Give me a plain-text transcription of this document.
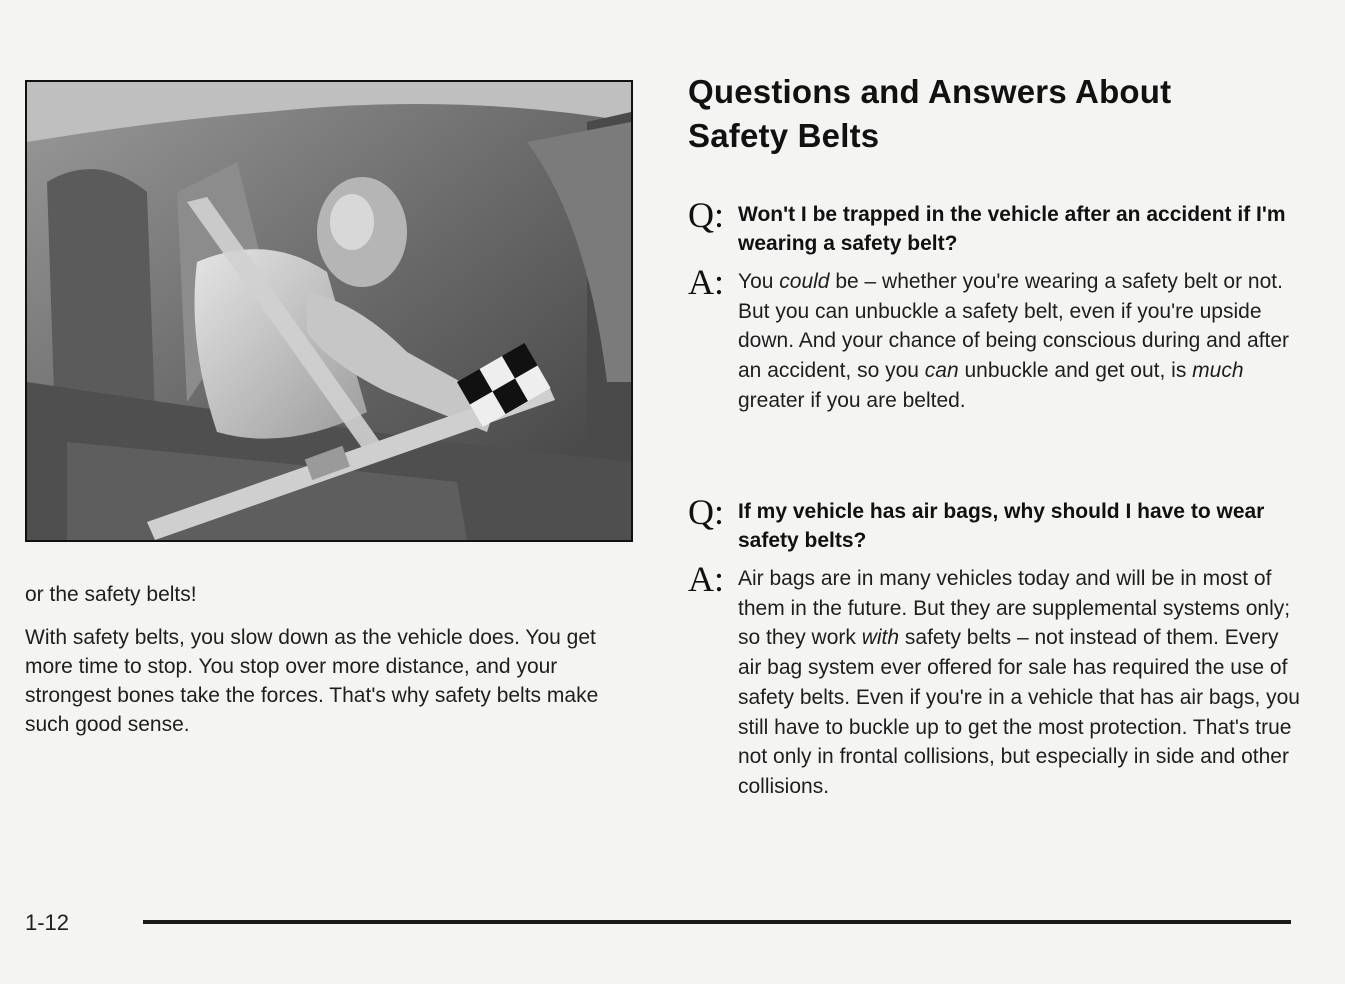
or the safety belts!

With safety belts, you slow down as the vehicle does. You get more time to stop. You stop over more distance, and your strongest bones take the forces. That's why safety belts make such good sense.

Questions and Answers About
Safety Belts
Q: Won't I be trapped in the vehicle after an accident if I'm wearing a safety belt?
A: You could be – whether you're wearing a safety belt or not. But you can unbuckle a safety belt, even if you're upside down. And your chance of being conscious during and after an accident, so you can unbuckle and get out, is much greater if you are belted.
Q: If my vehicle has air bags, why should I have to wear safety belts?
A: Air bags are in many vehicles today and will be in most of them in the future. But they are supplemental systems only; so they work with safety belts – not instead of them. Every air bag system ever offered for sale has required the use of safety belts. Even if you're in a vehicle that has air bags, you still have to buckle up to get the most protection. That's true not only in frontal collisions, but especially in side and other collisions.
1-12
